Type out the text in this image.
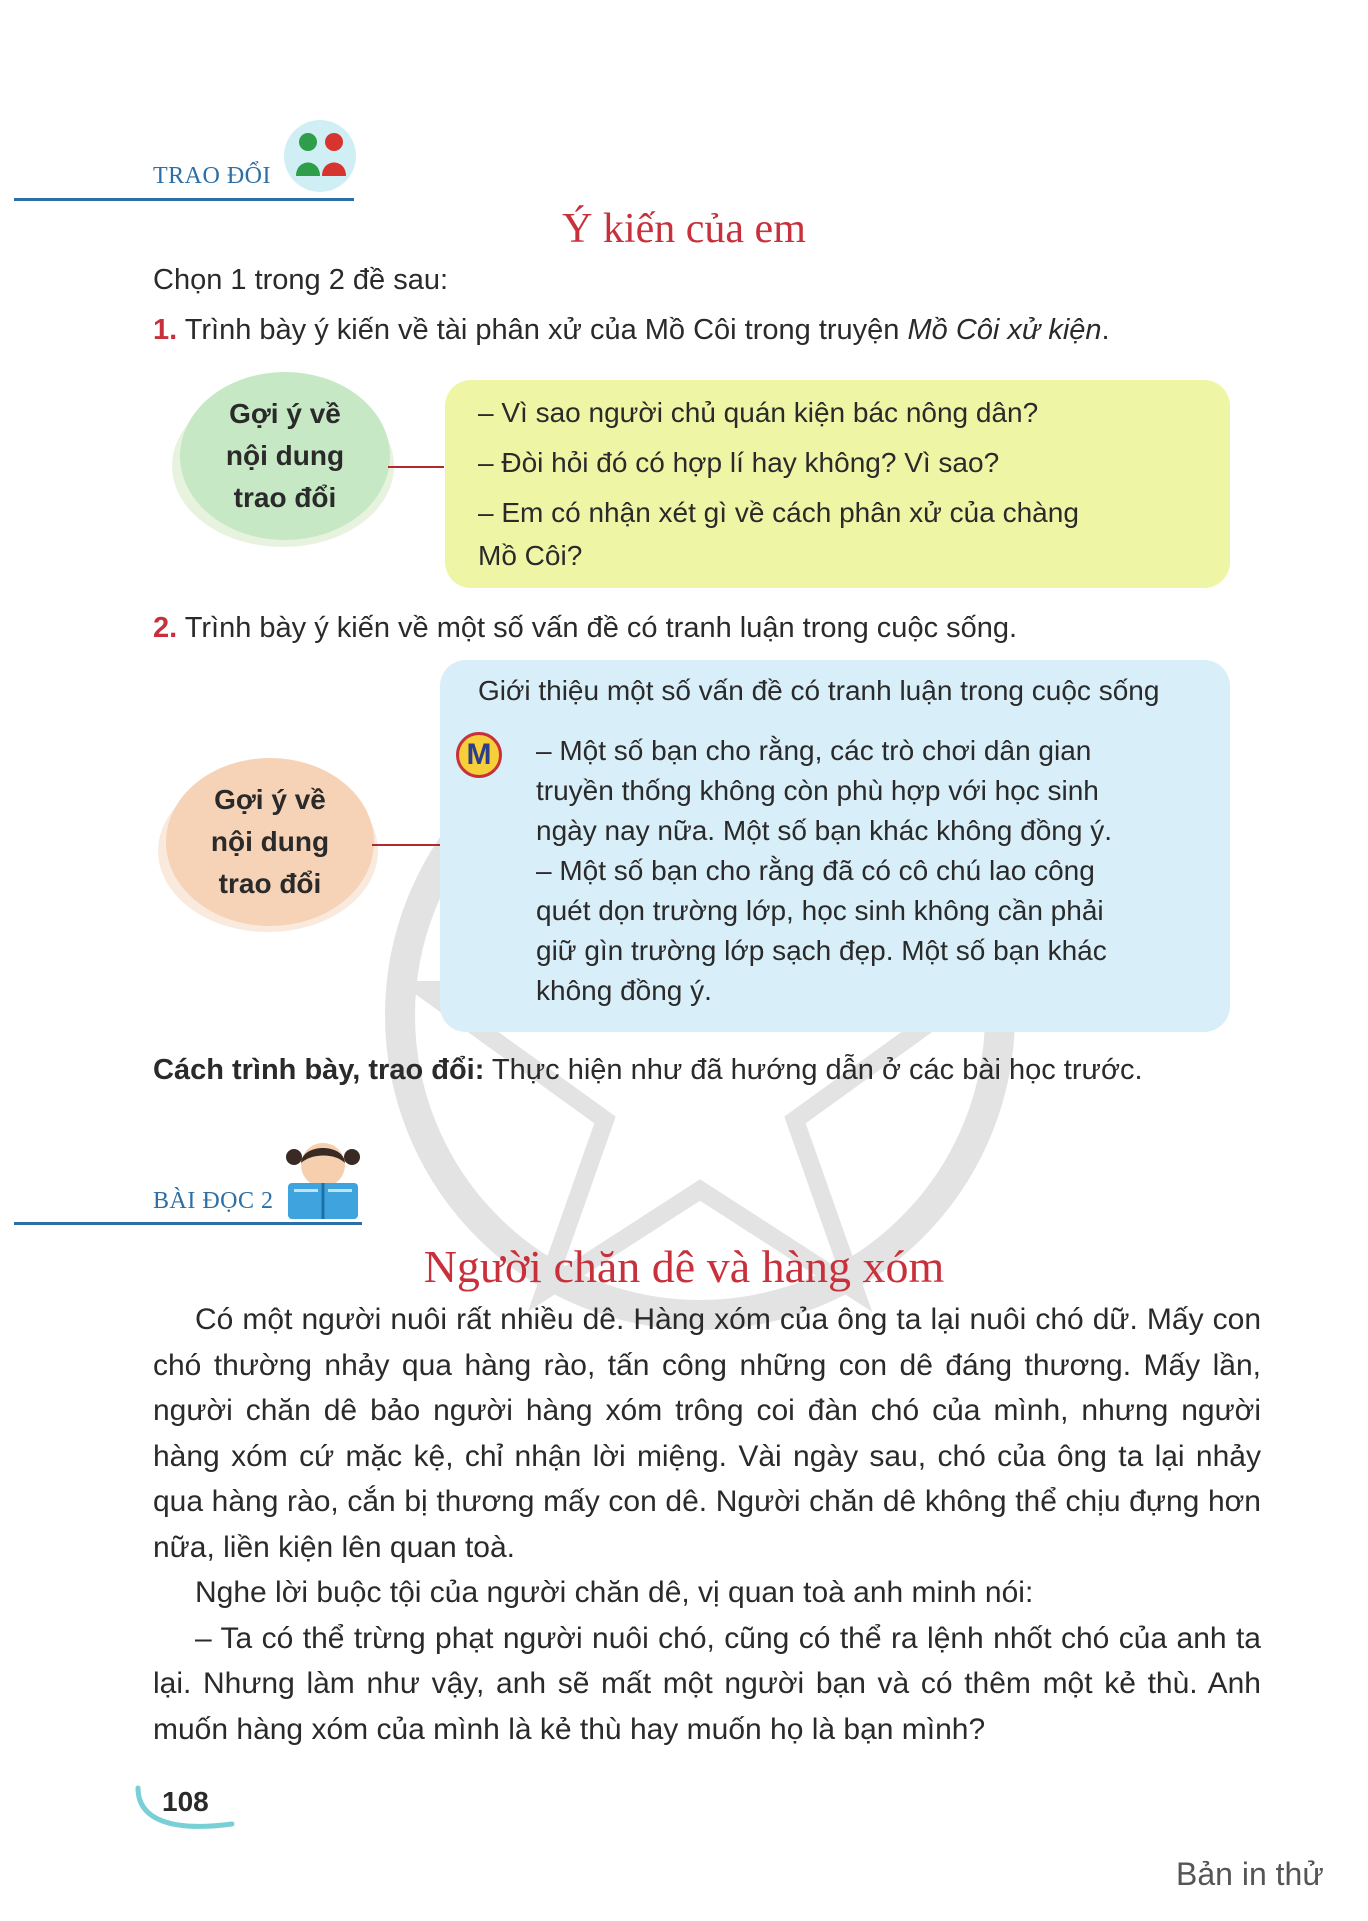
TRAO ĐỔI
Ý kiến của em
Chọn 1 trong 2 đề sau:
1. Trình bày ý kiến về tài phân xử của Mồ Côi trong truyện Mồ Côi xử kiện.
Gợi ý về
nội dung
trao đổi
– Vì sao người chủ quán kiện bác nông dân?
– Đòi hỏi đó có hợp lí hay không? Vì sao?
– Em có nhận xét gì về cách phân xử của chàng
Mồ Côi?
2. Trình bày ý kiến về một số vấn đề có tranh luận trong cuộc sống.
Giới thiệu một số vấn đề có tranh luận trong cuộc sống
M	– Một số bạn cho rằng, các trò chơi dân gian
truyền thống không còn phù hợp với học sinh
ngày nay nữa. Một số bạn khác không đồng ý.
– Một số bạn cho rằng đã có cô chú lao công
quét dọn trường lớp, học sinh không cần phải
giữ gìn trường lớp sạch đẹp. Một số bạn khác
không đồng ý.
Gợi ý về
nội dung
trao đổi
Cách trình bày, trao đổi: Thực hiện như đã hướng dẫn ở các bài học trước.
BÀI ĐỌC 2
Người chăn dê và hàng xóm

Có một người nuôi rất nhiều dê. Hàng xóm của ông ta lại nuôi chó dữ. Mấy con chó thường nhảy qua hàng rào, tấn công những con dê đáng thương. Mấy lần, người chăn dê bảo người hàng xóm trông coi đàn chó của mình, nhưng người hàng xóm cứ mặc kệ, chỉ nhận lời miệng. Vài ngày sau, chó của ông ta lại nhảy qua hàng rào, cắn bị thương mấy con dê. Người chăn dê không thể chịu đựng hơn nữa, liền kiện lên quan toà.

Nghe lời buộc tội của người chăn dê, vị quan toà anh minh nói:

– Ta có thể trừng phạt người nuôi chó, cũng có thể ra lệnh nhốt chó của anh ta lại. Nhưng làm như vậy, anh sẽ mất một người bạn và có thêm một kẻ thù. Anh muốn hàng xóm của mình là kẻ thù hay muốn họ là bạn mình?

108
Bản in thử
